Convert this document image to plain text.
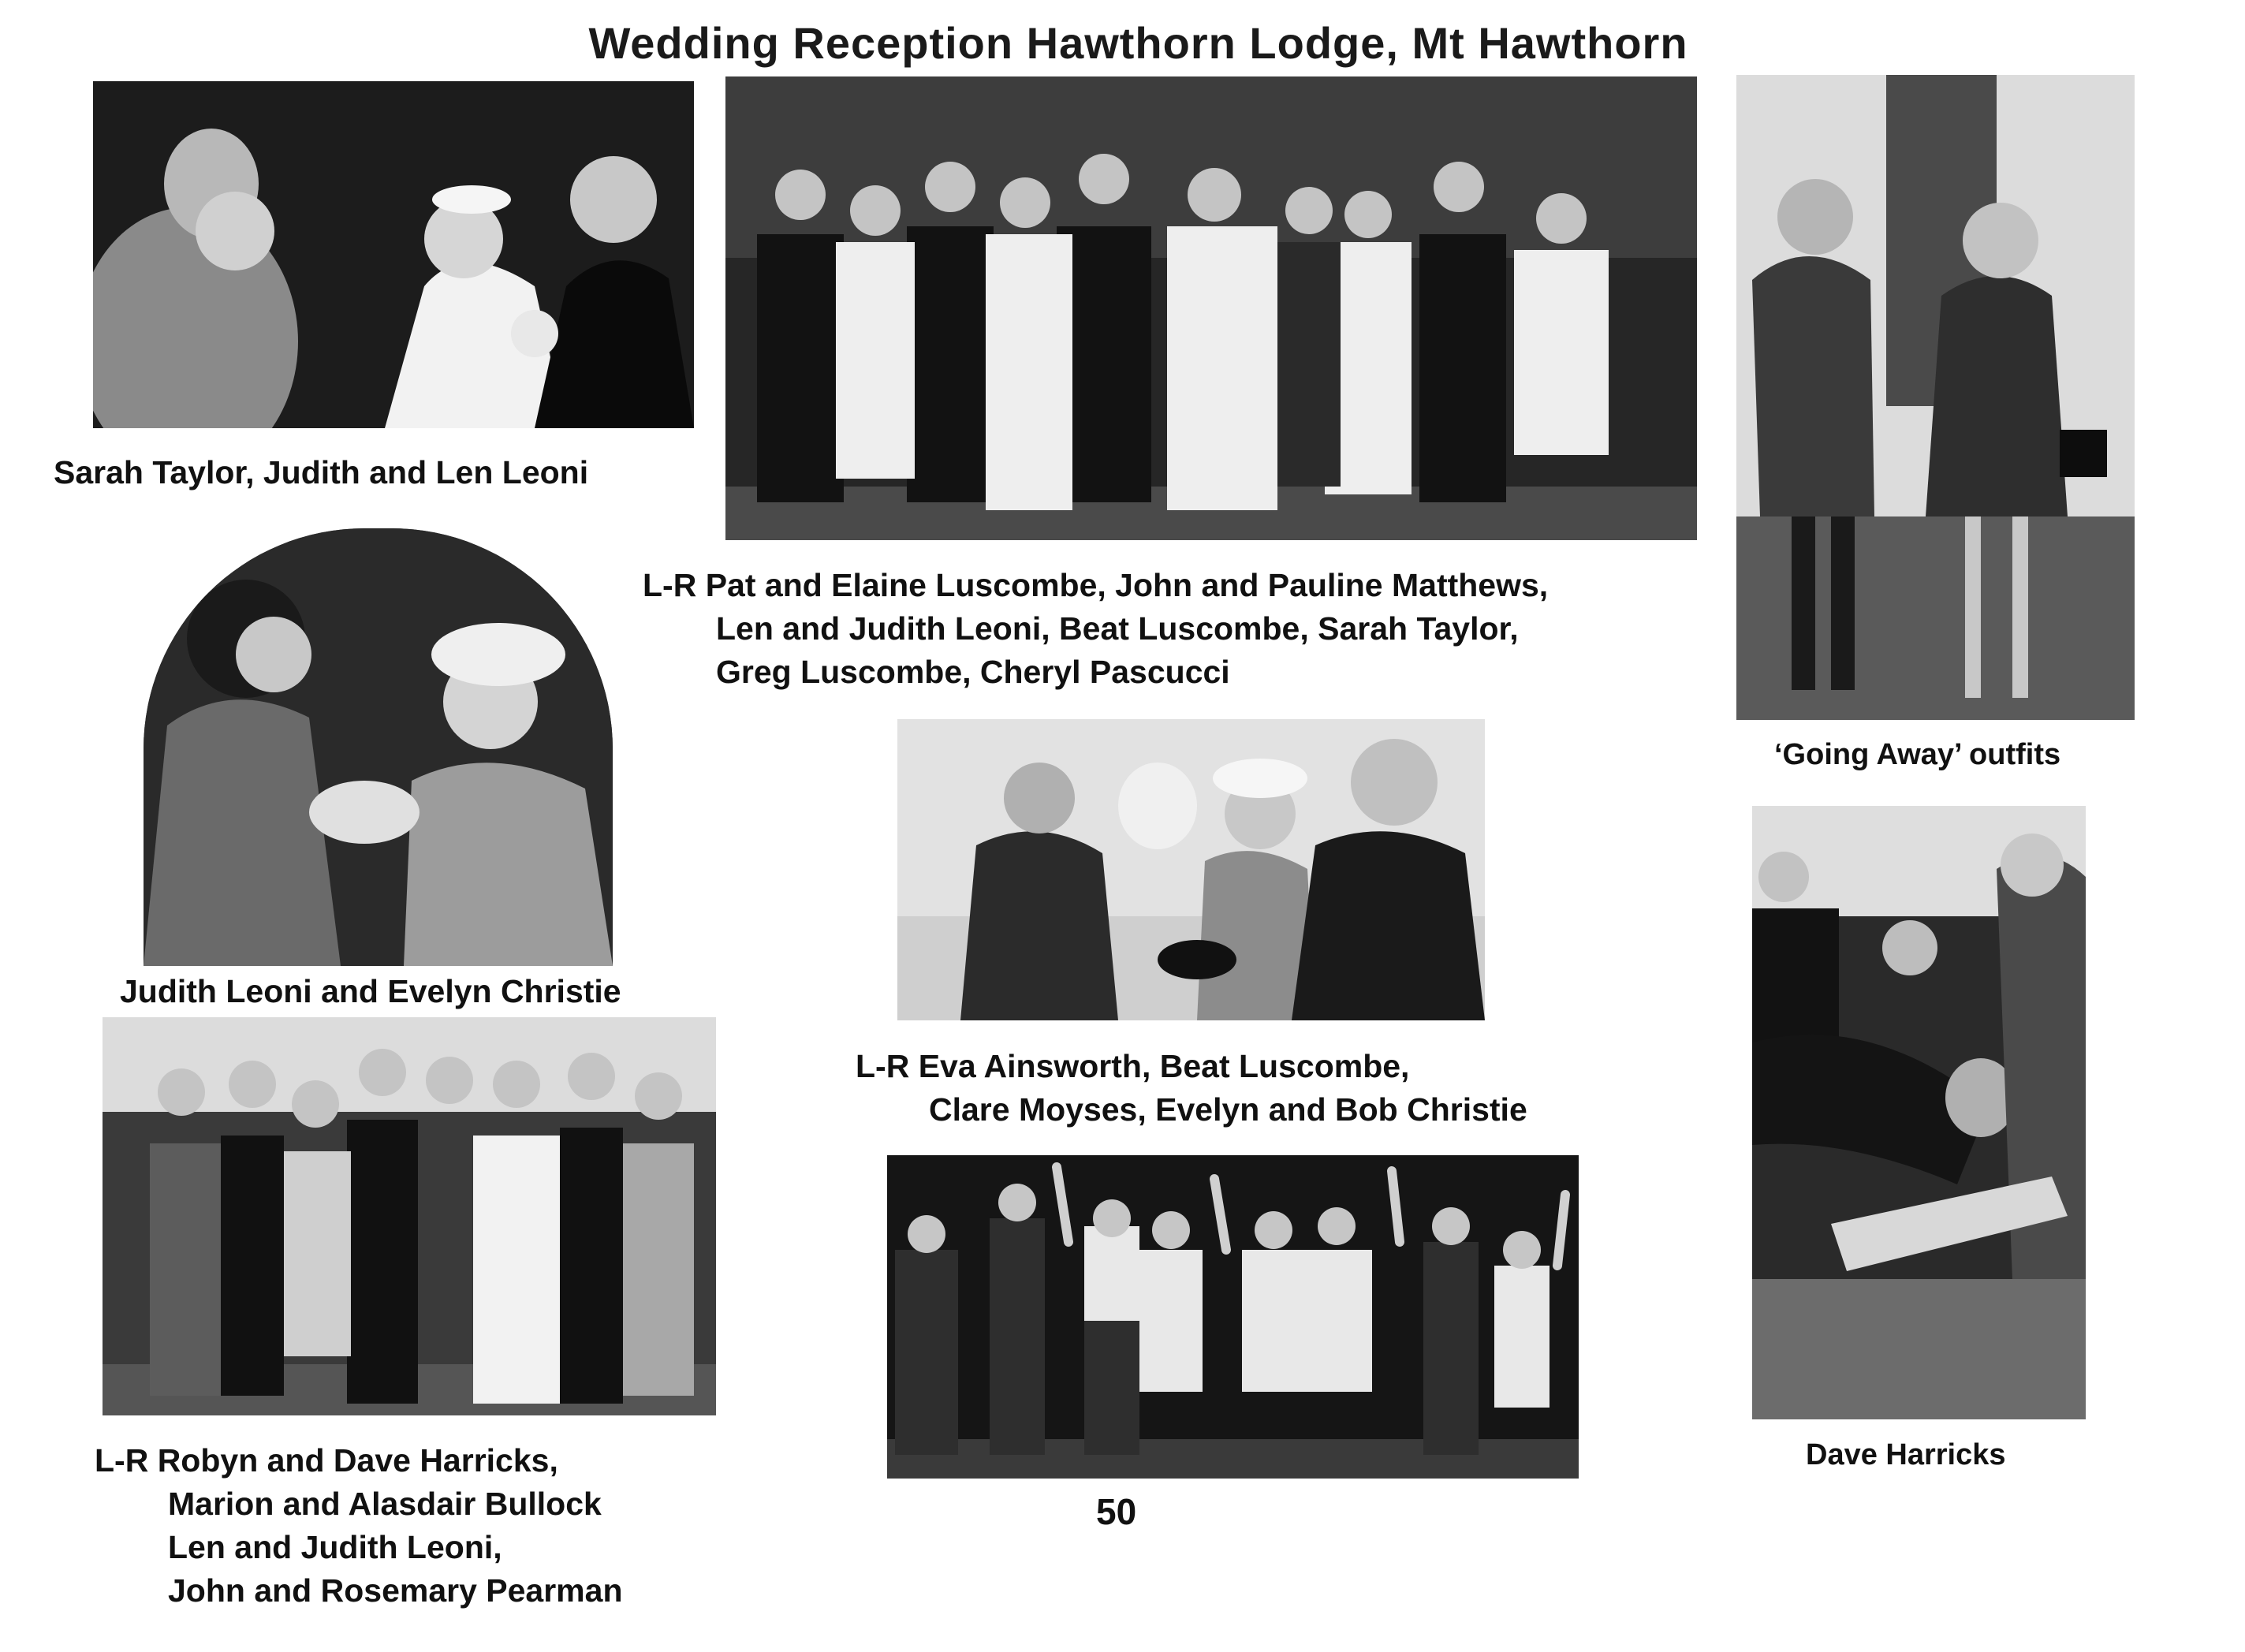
Wedding Reception Hawthorn Lodge, Mt Hawthorn
Sarah Taylor, Judith and Len Leoni
L-R Pat and Elaine Luscombe, John and Pauline Matthews,
Len and Judith Leoni, Beat Luscombe, Sarah Taylor,
Greg Luscombe, Cheryl Pascucci
‘Going Away’ outfits
Judith Leoni and Evelyn Christie
L-R Eva Ainsworth, Beat Luscombe,
Clare Moyses, Evelyn and Bob Christie
L-R Robyn and Dave Harricks,
Marion and Alasdair Bullock
Len and Judith Leoni,
John and Rosemary Pearman
50
Dave Harricks
